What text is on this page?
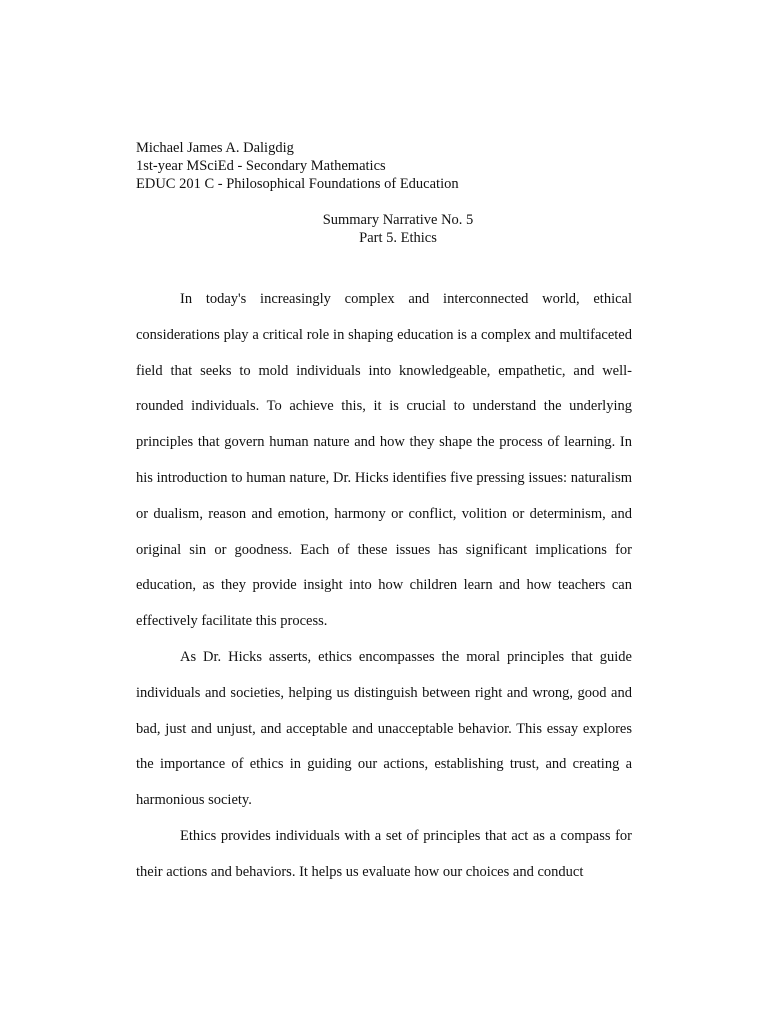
Michael James A. Daligdig
1st-year MSciEd - Secondary Mathematics
EDUC 201 C - Philosophical Foundations of Education
Summary Narrative No. 5
Part 5. Ethics

In today's increasingly complex and interconnected world, ethical considerations play a critical role in shaping education is a complex and multifaceted field that seeks to mold individuals into knowledgeable, empathetic, and well-rounded individuals. To achieve this, it is crucial to understand the underlying principles that govern human nature and how they shape the process of learning. In his introduction to human nature, Dr. Hicks identifies five pressing issues: naturalism or dualism, reason and emotion, harmony or conflict, volition or determinism, and original sin or goodness. Each of these issues has significant implications for education, as they provide insight into how children learn and how teachers can effectively facilitate this process.

As Dr. Hicks asserts, ethics encompasses the moral principles that guide individuals and societies, helping us distinguish between right and wrong, good and bad, just and unjust, and acceptable and unacceptable behavior. This essay explores the importance of ethics in guiding our actions, establishing trust, and creating a harmonious society.

Ethics provides individuals with a set of principles that act as a compass for their actions and behaviors. It helps us evaluate how our choices and conduct
